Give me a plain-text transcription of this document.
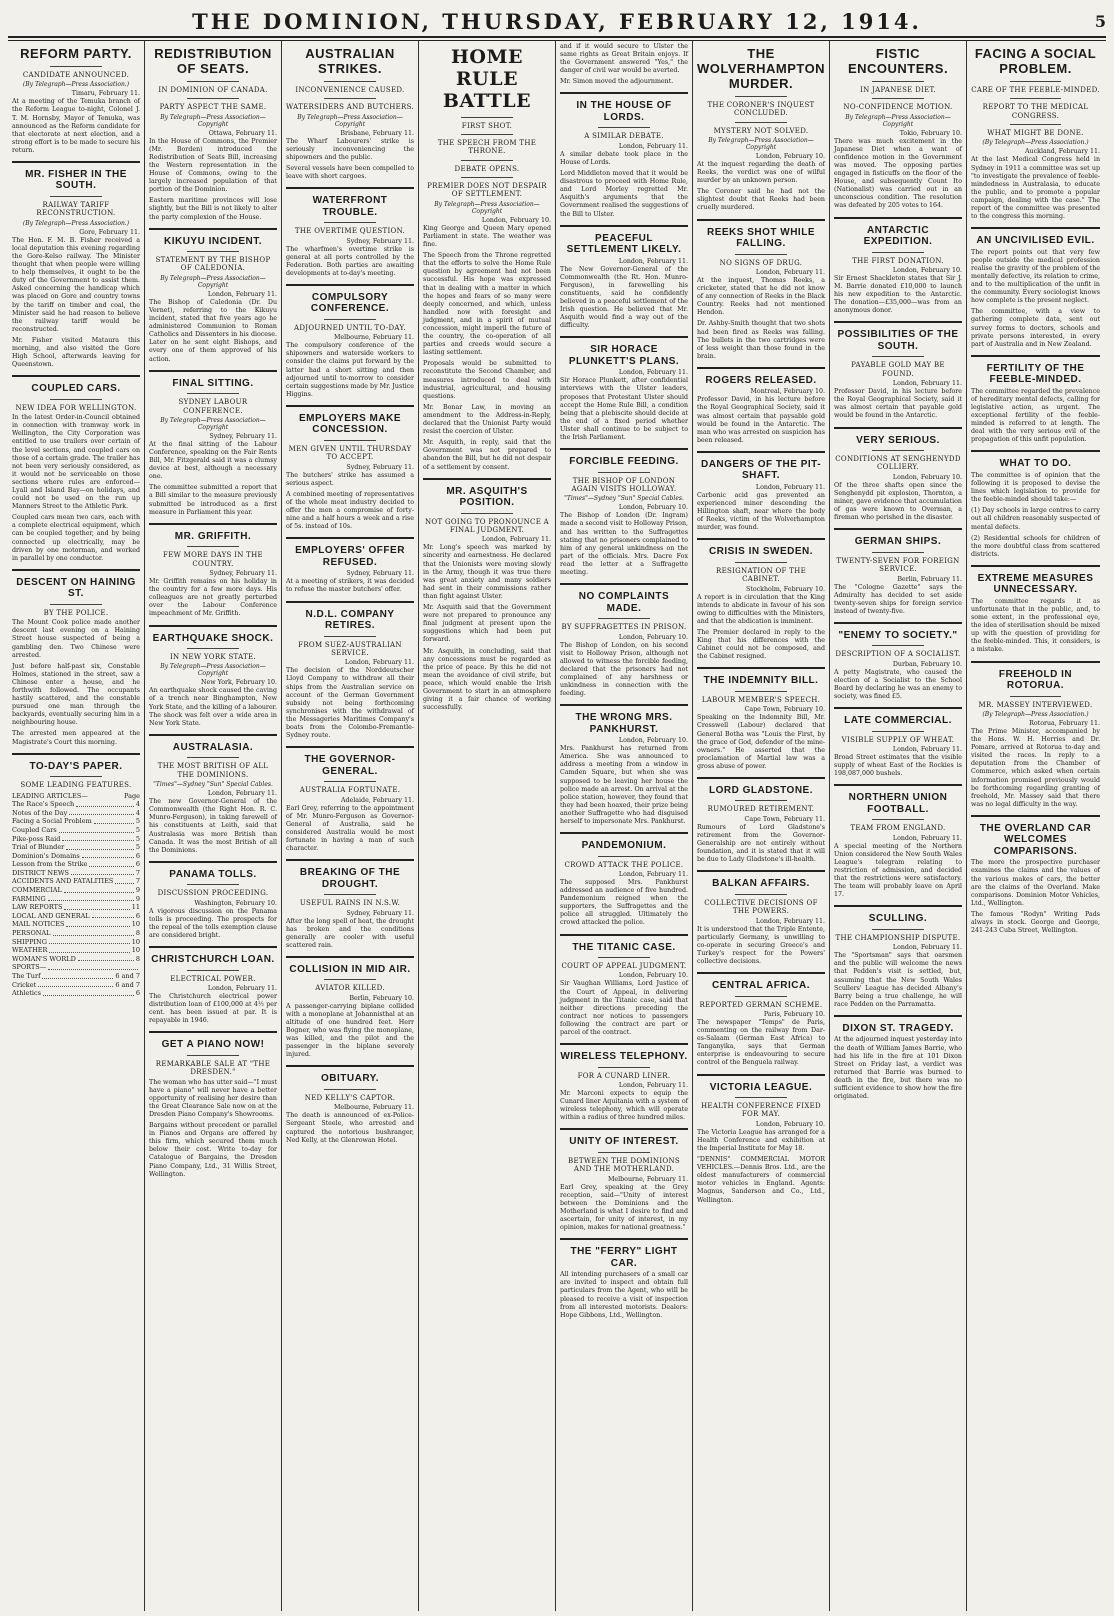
THE DOMINION, THURSDAY, FEBRUARY 12, 1914.	5
REFORM PARTY.
CANDIDATE ANNOUNCED.
(By Telegraph—Press Association.)
Timaru, February 11.

At a meeting of the Temuka branch of the Reform League to-night, Colonel J. T. M. Hornsby, Mayor of Temuka, was announced as the Reform candidate for that electorate at next election, and a strong effort is to be made to secure his return.

MR. FISHER IN THE SOUTH.
RAILWAY TARIFF RECONSTRUCTION.
(By Telegraph—Press Association.)
Gore, February 11.

The Hon. F. M. B. Fisher received a local deputation this evening regarding the Gore-Kelso railway. The Minister thought that when people were willing to help themselves, it ought to be the duty of the Government to assist them. Asked concerning the handicap which was placed on Gore and country towns by the tariff on timber and coal, the Minister said he had reason to believe the railway tariff would be reconstructed.

Mr. Fisher visited Mataura this morning, and also visited the Gore High School, afterwards leaving for Queenstown.

COUPLED CARS.
NEW IDEA FOR WELLINGTON.

In the latest Order-in-Council obtained in connection with tramway work in Wellington, the City Corporation was entitled to use trailers over certain of the level sections, and coupled cars on those of a certain grade. The trailer has not been very seriously considered, as it would not be serviceable on those sections where rules are enforced—Lyall and Island Bay—on holidays, and could not be used on the run up Manners Street to the Athletic Park.

Coupled cars mean two cars, each with a complete electrical equipment, which can be coupled together, and by being connected up electrically, may be driven by one motorman, and worked in parallel by one conductor.

DESCENT ON HAINING ST.
BY THE POLICE.

The Mount Cook police made another descent last evening on a Haining Street house suspected of being a gambling den. Two Chinese were arrested.

Just before half-past six, Constable Holmes, stationed in the street, saw a Chinese enter a house, and he forthwith followed. The occupants hastily scattered, and the constable pursued one man through the backyards, eventually securing him in a neighbouring house.

The arrested men appeared at the Magistrate's Court this morning.

TO-DAY'S PAPER.
SOME LEADING FEATURES.
LEADING ARTICLES—	Page
The Race's Speech	4
Notes of the Day	4
Facing a Social Problem	5
Coupled Cars	5
Pike-poss Raid	5
Trial of Blunder	5
Dominion's Domains	6
Lesson from the Strike	6
DISTRICT NEWS	7
ACCIDENTS AND FATALITIES	7
COMMERCIAL	9
FARMING	9
LAW REPORTS	11
LOCAL AND GENERAL	6
MAIL NOTICES	10
PERSONAL	8
SHIPPING	10
WEATHER	10
WOMAN'S WORLD	8
SPORTS—
The Turf	6 and 7
Cricket	6 and 7
Athletics	6
REDISTRIBUTION OF SEATS.
IN DOMINION OF CANADA.
PARTY ASPECT THE SAME.
By Telegraph—Press Association—Copyright
Ottawa, February 11.

In the House of Commons, the Premier (Mr. Borden) introduced the Redistribution of Seats Bill, increasing the Western representation in the House of Commons, owing to the largely increased population of that portion of the Dominion.

Eastern maritime provinces will lose slightly, but the Bill is not likely to alter the party complexion of the House.

KIKUYU INCIDENT.
STATEMENT BY THE BISHOP OF CALEDONIA.
By Telegraph—Press Association—Copyright
London, February 11.

The Bishop of Caledonia (Dr. Du Vernet), referring to the Kikuyu incident, stated that five years ago he administered Communion to Roman Catholics and Dissenters in his diocese. Later on he sent eight Bishops, and every one of them approved of his action.

FINAL SITTING.
SYDNEY LABOUR CONFERENCE.
By Telegraph—Press Association—Copyright
Sydney, February 11.

At the final sitting of the Labour Conference, speaking on the Fair Rents Bill, Mr. Fitzgerald said it was a clumsy device at best, although a necessary one.

The committee submitted a report that a Bill similar to the measure previously submitted be introduced as a first measure in Parliament this year.

MR. GRIFFITH.
FEW MORE DAYS IN THE COUNTRY.
Sydney, February 11.

Mr. Griffith remains on his holiday in the country for a few more days. His colleagues are not greatly perturbed over the Labour Conference impeachment of Mr. Griffith.

EARTHQUAKE SHOCK.
IN NEW YORK STATE.
By Telegraph—Press Association—Copyright
New York, February 10.

An earthquake shock caused the caving of a trench near Binghampton, New York State, and the killing of a labourer. The shock was felt over a wide area in New York State.

AUSTRALASIA.
THE MOST BRITISH OF ALL THE DOMINIONS.
"Times"—Sydney "Sun" Special Cables.
London, February 11.

The new Governor-General of the Commonwealth (the Right Hon. R. C. Munro-Ferguson), in taking farewell of his constituents at Leith, said that Australasia was more British than Canada. It was the most British of all the Dominions.

PANAMA TOLLS.
DISCUSSION PROCEEDING.
Washington, February 10.

A vigorous discussion on the Panama tolls is proceeding. The prospects for the repeal of the tolls exemption clause are considered bright.

CHRISTCHURCH LOAN.
ELECTRICAL POWER.
London, February 11.

The Christchurch electrical power distribution loan of £100,000 at 4½ per cent. has been issued at par. It is repayable in 1946.

GET A PIANO NOW!
REMARKABLE SALE AT "THE DRESDEN."

The woman who has utter said—"I must have a piano" will never have a better opportunity of realising her desire than the Great Clearance Sale now on at the Dresden Piano Company's Showrooms.

Bargains without precedent or parallel in Pianos and Organs are offered by this firm, which secured them much below their cost. Write to-day for Catalogue of Bargains, the Dresden Piano Company, Ltd., 31 Willis Street, Wellington.

AUSTRALIAN STRIKES.
INCONVENIENCE CAUSED.
WATERSIDERS AND BUTCHERS.
By Telegraph—Press Association—Copyright
Brisbane, February 11.

The Wharf Labourers' strike is seriously inconveniencing the shipowners and the public.

Several vessels have been compelled to leave with short cargoes.

WATERFRONT TROUBLE.
THE OVERTIME QUESTION.
Sydney, February 11.

The wharfmen's overtime strike is general at all ports controlled by the Federation. Both parties are awaiting developments at to-day's meeting.

COMPULSORY CONFERENCE.
ADJOURNED UNTIL TO-DAY.
Melbourne, February 11.

The compulsory conference of the shipowners and waterside workers to consider the claims put forward by the latter had a short sitting and then adjourned until to-morrow to consider certain suggestions made by Mr. Justice Higgins.

EMPLOYERS MAKE CONCESSION.
MEN GIVEN UNTIL THURSDAY TO ACCEPT.
Sydney, February 11.

The butchers' strike has assumed a serious aspect.

A combined meeting of representatives of the whole meat industry decided to offer the men a compromise of forty-nine and a half hours a week and a rise of 5s. instead of 10s.

EMPLOYERS' OFFER REFUSED.
Sydney, February 11.

At a meeting of strikers, it was decided to refuse the master butchers' offer.

N.D.L. COMPANY RETIRES.
FROM SUEZ-AUSTRALIAN SERVICE.
London, February 11.

The decision of the Norddeutscher Lloyd Company to withdraw all their ships from the Australian service on account of the German Government subsidy not being forthcoming synchronises with the withdrawal of the Messageries Maritimes Company's boats from the Colombo-Fremantle-Sydney route.

THE GOVERNOR-GENERAL.
AUSTRALIA FORTUNATE.
Adelaide, February 11.

Earl Grey, referring to the appointment of Mr. Munro-Ferguson as Governor-General of Australia, said he considered Australia would be most fortunate in having a man of such character.

BREAKING OF THE DROUGHT.
USEFUL RAINS IN N.S.W.
Sydney, February 11.

After the long spell of heat, the drought has broken and the conditions generally are cooler with useful scattered rain.

COLLISION IN MID AIR.
AVIATOR KILLED.
Berlin, February 10.

A passenger-carrying biplane collided with a monoplane at Johannisthal at an altitude of one hundred feet. Herr Bogner, who was flying the monoplane, was killed, and the pilot and the passenger in the biplane severely injured.

OBITUARY.
NED KELLY'S CAPTOR.
Melbourne, February 11.

The death is announced of ex-Police-Sergeant Steele, who arrested and captured the notorious bushranger, Ned Kelly, at the Glenrowan Hotel.

HOME RULE BATTLE
FIRST SHOT.
THE SPEECH FROM THE THRONE.
DEBATE OPENS.
PREMIER DOES NOT DESPAIR OF SETTLEMENT.
By Telegraph—Press Association—Copyright
London, February 10.

King George and Queen Mary opened Parliament in state. The weather was fine.

The Speech from the Throne regretted that the efforts to solve the Home Rule question by agreement had not been successful. His hope was expressed that in dealing with a matter in which the hopes and fears of so many were deeply concerned, and which, unless handled now with foresight and judgment, and in a spirit of mutual concession, might imperil the future of the country, the co-operation of all parties and creeds would secure a lasting settlement.

Proposals would be submitted to reconstitute the Second Chamber, and measures introduced to deal with industrial, agricultural, and housing questions.

Mr. Bonar Law, in moving an amendment to the Address-in-Reply, declared that the Unionist Party would resist the coercion of Ulster.

Mr. Asquith, in reply, said that the Government was not prepared to abandon the Bill, but he did not despair of a settlement by consent.

MR. ASQUITH'S POSITION.
NOT GOING TO PRONOUNCE A FINAL JUDGMENT.
London, February 11.

Mr. Long's speech was marked by sincerity and earnestness. He declared that the Unionists were moving slowly in the Army, though it was true there was great anxiety and many soldiers had sent in their commissions rather than fight against Ulster.

Mr. Asquith said that the Government were not prepared to pronounce any final judgment at present upon the suggestions which had been put forward.

Mr. Asquith, in concluding, said that any concessions must be regarded as the price of peace. By this he did not mean the avoidance of civil strife, but peace, which would enable the Irish Government to start in an atmosphere giving it a fair chance of working successfully.

and if it would secure to Ulster the same rights as Great Britain enjoys. If the Government answered "Yes," the danger of civil war would be averted.

Mr. Simon moved the adjournment.

IN THE HOUSE OF LORDS.
A SIMILAR DEBATE.
London, February 11.

A similar debate took place in the House of Lords.

Lord Middleton moved that it would be disastrous to proceed with Home Rule, and Lord Morley regretted Mr. Asquith's arguments that the Government realised the suggestions of the Bill to Ulster.

PEACEFUL SETTLEMENT LIKELY.
London, February 11.

The New Governor-General of the Commonwealth (the Rt. Hon. Munro-Ferguson), in farewelling his constituents, said he confidently believed in a peaceful settlement of the Irish question. He believed that Mr. Asquith would find a way out of the difficulty.

SIR HORACE PLUNKETT'S PLANS.
London, February 11.

Sir Horace Plunkett, after confidential interviews with the Ulster leaders, proposes that Protestant Ulster should accept the Home Rule Bill, a condition being that a plebiscite should decide at the end of a fixed period whether Ulster shall continue to be subject to the Irish Parliament.

FORCIBLE FEEDING.
THE BISHOP OF LONDON AGAIN VISITS HOLLOWAY.
"Times"—Sydney "Sun" Special Cables.
London, February 10.

The Bishop of London (Dr. Ingram) made a second visit to Holloway Prison, and has written to the Suffragettes stating that no prisoners complained to him of any general unkindness on the part of the officials. Mrs. Dacre Fox read the letter at a Suffragette meeting.

NO COMPLAINTS MADE.
BY SUFFRAGETTES IN PRISON.
London, February 10.

The Bishop of London, on his second visit to Holloway Prison, although not allowed to witness the forcible feeding, declared that the prisoners had not complained of any harshness or unkindness in connection with the feeding.

THE WRONG MRS. PANKHURST.
London, February 10.

Mrs. Pankhurst has returned from America. She was announced to address a meeting from a window in Camden Square, but when she was supposed to be leaving her house the police made an arrest. On arrival at the police station, however, they found that they had been hoaxed, their prize being another Suffragette who had disguised herself to impersonate Mrs. Pankhurst.

PANDEMONIUM.
CROWD ATTACK THE POLICE.
London, February 11.

The supposed Mrs. Pankhurst addressed an audience of five hundred. Pandemonium reigned when the supporters, the Suffragettes and the police all struggled. Ultimately the crowd attacked the police.

THE TITANIC CASE.
COURT OF APPEAL JUDGMENT.
London, February 10.

Sir Vaughan Williams, Lord Justice of the Court of Appeal, in delivering judgment in the Titanic case, said that neither directions preceding the contract nor notices to passengers following the contract are part or parcel of the contract.

WIRELESS TELEPHONY.
FOR A CUNARD LINER.
London, February 11.

Mr. Marconi expects to equip the Cunard liner Aquitania with a system of wireless telephony, which will operate within a radius of three hundred miles.

UNITY OF INTEREST.
BETWEEN THE DOMINIONS AND THE MOTHERLAND.
Melbourne, February 11.

Earl Grey, speaking at the Grey reception, said—"Unity of interest between the Dominions and the Motherland is what I desire to find and ascertain, for unity of interest, in my opinion, makes for national greatness."

THE "FERRY" LIGHT CAR.

All intending purchasers of a small car are invited to inspect and obtain full particulars from the Agent, who will be pleased to receive a visit of inspection from all interested motorists. Dealers: Hope Gibbons, Ltd., Wellington.

THE WOLVERHAMPTON MURDER.
THE CORONER'S INQUEST CONCLUDED.
MYSTERY NOT SOLVED.
By Telegraph—Press Association—Copyright
London, February 10.

At the inquest regarding the death of Reeks, the verdict was one of wilful murder by an unknown person.

The Coroner said he had not the slightest doubt that Reeks had been cruelly murdered.

REEKS SHOT WHILE FALLING.
NO SIGNS OF DRUG.
London, February 11.

At the inquest, Thomas Reeks, a cricketer, stated that he did not know of any connection of Reeks in the Black Country. Reeks had not mentioned Hendon.

Dr. Ashby-Smith thought that two shots had been fired as Reeks was falling. The bullets in the two cartridges were of less weight than those found in the brain.

ROGERS RELEASED.
Montreal, February 10.

Professor David, in his lecture before the Royal Geographical Society, said it was almost certain that paysable gold would be found in the Antarctic. The man who was arrested on suspicion has been released.

DANGERS OF THE PIT-SHAFT.
London, February 11.

Carbonic acid gas prevented an experienced miner descending the Hillington shaft, near where the body of Reeks, victim of the Wolverhampton murder, was found.

CRISIS IN SWEDEN.
RESIGNATION OF THE CABINET.
Stockholm, February 10.

A report is in circulation that the King intends to abdicate in favour of his son owing to difficulties with the Ministers, and that the abdication is imminent.

The Premier declared in reply to the King that his differences with the Cabinet could not be composed, and the Cabinet resigned.

THE INDEMNITY BILL.
LABOUR MEMBER'S SPEECH.
Cape Town, February 10.

Speaking on the Indemnity Bill, Mr. Cresswell (Labour) declared that General Botha was "Louis the First, by the grace of God, defender of the mine-owners." He asserted that the proclamation of Martial law was a gross abuse of power.

LORD GLADSTONE.
RUMOURED RETIREMENT.
Cape Town, February 11.

Rumours of Lord Gladstone's retirement from the Governor-Generalship are not entirely without foundation, and it is stated that it will be due to Lady Gladstone's ill-health.

BALKAN AFFAIRS.
COLLECTIVE DECISIONS OF THE POWERS.
London, February 11.

It is understood that the Triple Entente, particularly Germany, is unwilling to co-operate in securing Greece's and Turkey's respect for the Powers' collective decisions.

CENTRAL AFRICA.
REPORTED GERMAN SCHEME.
Paris, February 10.

The newspaper "Temps" de Paris, commenting on the railway from Dar-es-Salaam (German East Africa) to Tanganyika, says that German enterprise is endeavouring to secure control of the Benguela railway.

VICTORIA LEAGUE.
HEALTH CONFERENCE FIXED FOR MAY.
London, February 10.

The Victoria League has arranged for a Health Conference and exhibition at the Imperial Institute for May 18.

"DENNIS" COMMERCIAL MOTOR VEHICLES.—Dennis Bros. Ltd., are the oldest manufacturers of commercial motor vehicles in England. Agents: Magnus, Sanderson and Co., Ltd., Wellington.

FISTIC ENCOUNTERS.
IN JAPANESE DIET.
NO-CONFIDENCE MOTION.
By Telegraph—Press Association—Copyright
Tokio, February 10.

There was much excitement in the Japanese Diet when a want of confidence motion in the Government was moved. The opposing parties engaged in fisticuffs on the floor of the House, and subsequently Count Ito (Nationalist) was carried out in an unconscious condition. The resolution was defeated by 205 votes to 164.

ANTARCTIC EXPEDITION.
THE FIRST DONATION.
London, February 10.

Sir Ernest Shackleton states that Sir J. M. Barrie donated £10,000 to launch his new expedition to the Antarctic. The donation—£35,000—was from an anonymous donor.

POSSIBILITIES OF THE SOUTH.
PAYABLE GOLD MAY BE FOUND.
London, February 11.

Professor David, in his lecture before the Royal Geographical Society, said it was almost certain that payable gold would be found in the Antarctic.

VERY SERIOUS.
CONDITIONS AT SENGHENYDD COLLIERY.
London, February 10.

Of the three shafts open since the Senghenydd pit explosion, Thornton, a miner, gave evidence that accumulation of gas were known to Overman, a fireman who perished in the disaster.

GERMAN SHIPS.
TWENTY-SEVEN FOR FOREIGN SERVICE.
Berlin, February 11.

The "Cologne Gazette" says the Admiralty has decided to set aside twenty-seven ships for foreign service instead of twenty-five.

"ENEMY TO SOCIETY."
DESCRIPTION OF A SOCIALIST.
Durban, February 10.

A petty Magistrate, who caused the election of a Socialist to the School Board by declaring he was an enemy to society, was fined £5.

LATE COMMERCIAL.
VISIBLE SUPPLY OF WHEAT.
London, February 11.

Broad Street estimates that the visible supply of wheat East of the Rockies is 198,087,000 bushels.

NORTHERN UNION FOOTBALL.
TEAM FROM ENGLAND.
London, February 11.

A special meeting of the Northern Union considered the New South Wales League's telegram relating to restriction of admission, and decided that the restrictions were satisfactory. The team will probably leave on April 17.

SCULLING.
THE CHAMPIONSHIP DISPUTE.
London, February 11.

The "Sportsman" says that oarsmen and the public will welcome the news that Pedden's visit is settled, but, assuming that the New South Wales Scullers' League has decided Albany's Barry being a true challenge, he will race Pedden on the Parramatta.

DIXON ST. TRAGEDY.

At the adjourned inquest yesterday into the death of William James Barrie, who had his life in the fire at 101 Dixon Street on Friday last, a verdict was returned that Barrie was burned to death in the fire, but there was no sufficient evidence to show how the fire originated.

FACING A SOCIAL PROBLEM.
CARE OF THE FEEBLE-MINDED.
REPORT TO THE MEDICAL CONGRESS.
WHAT MIGHT BE DONE.
(By Telegraph—Press Association.)
Auckland, February 11.

At the last Medical Congress held in Sydney in 1911 a committee was set up "to investigate the prevalence of feeble-mindedness in Australasia, to educate the public, and to promote a popular campaign, dealing with the case." The report of the committee was presented to the congress this morning.

AN UNCIVILISED EVIL.

The report points out that very few people outside the medical profession realise the gravity of the problem of the mentally defective, its relation to crime, and to the multiplication of the unfit in the community. Every sociologist knows how complete is the present neglect.

The committee, with a view to gathering complete data, sent out survey forms to doctors, schools and private persons interested, in every part of Australia and in New Zealand.

FERTILITY OF THE FEEBLE-MINDED.

The committee regarded the prevalence of hereditary mental defects, calling for legislative action, as urgent. The exceptional fertility of the feeble-minded is referred to at length. The deal with the very serious evil of the propagation of this unfit population.

WHAT TO DO.

The committee is of opinion that the following it is proposed to devise the lines which legislation to provide for the feeble-minded should take:—

(1) Day schools in large centres to carry out all children reasonably suspected of mental defects.

(2) Residential schools for children of the more doubtful class from scattered districts.

EXTREME MEASURES UNNECESSARY.

The committee regards it as unfortunate that in the public, and, to some extent, in the professional eye, the idea of sterilisation should be mixed up with the question of providing for the feeble-minded. This, it considers, is a mistake.

FREEHOLD IN ROTORUA.
MR. MASSEY INTERVIEWED.
(By Telegraph—Press Association.)
Rotorua, February 11.

The Prime Minister, accompanied by the Hons. W. H. Herries and Dr. Pomare, arrived at Rotorua to-day and visited the races. In reply to a deputation from the Chamber of Commerce, which asked when certain information promised previously would be forthcoming regarding granting of freehold, Mr. Massey said that there was no legal difficulty in the way.

THE OVERLAND CAR WELCOMES COMPARISONS.

The more the prospective purchaser examines the claims and the values of the various makes of cars, the better are the claims of the Overland. Make comparisons. Dominion Motor Vehicles, Ltd., Wellington.

The famous "Rodyn" Writing Pads always in stock. George and George, 241-243 Cuba Street, Wellington.
